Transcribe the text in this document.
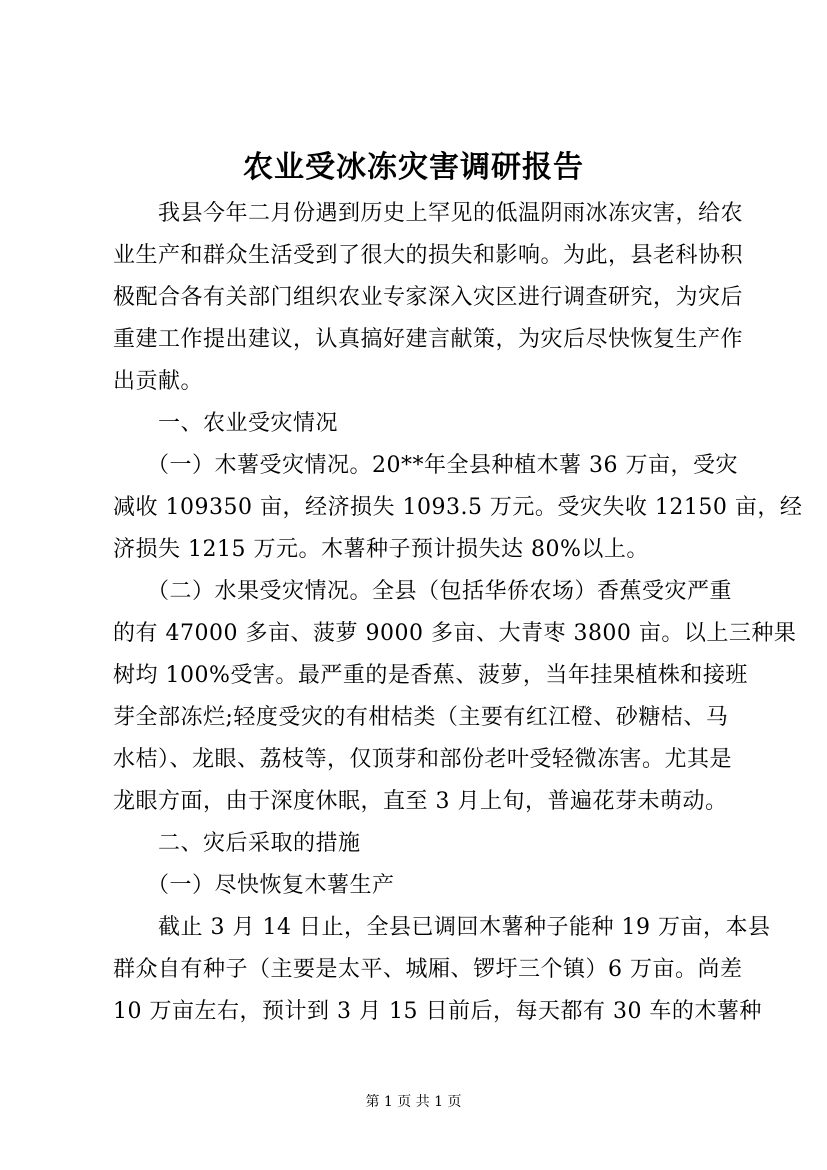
农业受冰冻灾害调研报告
　　我县今年二月份遇到历史上罕见的低温阴雨冰冻灾害，给农
业生产和群众生活受到了很大的损失和影响。为此，县老科协积
极配合各有关部门组织农业专家深入灾区进行调查研究，为灾后
重建工作提出建议，认真搞好建言献策，为灾后尽快恢复生产作
出贡献。
　　一、农业受灾情况
　　（一）木薯受灾情况。20**年全县种植木薯 36 万亩，受灾
减收 109350 亩，经济损失 1093.5 万元。受灾失收 12150 亩，经
济损失 1215 万元。木薯种子预计损失达 80%以上。
　　（二）水果受灾情况。全县（包括华侨农场）香蕉受灾严重
的有 47000 多亩、菠萝 9000 多亩、大青枣 3800 亩。以上三种果
树均 100%受害。最严重的是香蕉、菠萝，当年挂果植株和接班
芽全部冻烂;轻度受灾的有柑桔类（主要有红江橙、砂糖桔、马
水桔）、龙眼、荔枝等，仅顶芽和部份老叶受轻微冻害。尤其是
龙眼方面，由于深度休眠，直至 3 月上旬，普遍花芽未萌动。
　　二、灾后采取的措施
　　（一）尽快恢复木薯生产
　　截止 3 月 14 日止，全县已调回木薯种子能种 19 万亩，本县
群众自有种子（主要是太平、城厢、锣圩三个镇）6 万亩。尚差
10 万亩左右，预计到 3 月 15 日前后，每天都有 30 车的木薯种
第 1 页 共 1 页
